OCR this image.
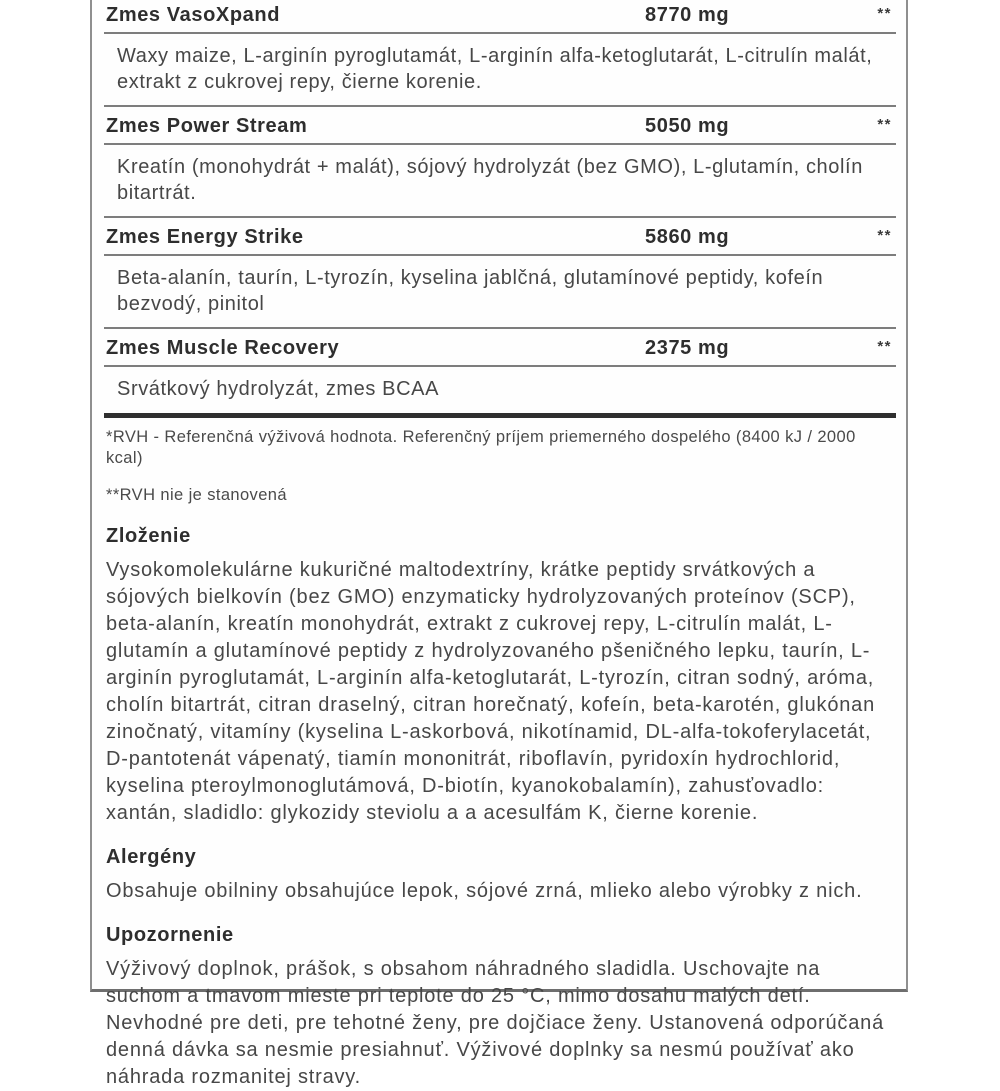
Zmes VasoXpand	8770 mg	**
Waxy maize, L-arginín pyroglutamát, L-arginín alfa-ketoglutarát, L-citrulín malát, extrakt z cukrovej repy, čierne korenie.
Zmes Power Stream	5050 mg	**
Kreatín (monohydrát + malát), sójový hydrolyzát (bez GMO), L-glutamín, cholín bitartrát.
Zmes Energy Strike	5860 mg	**
Beta-alanín, taurín, L-tyrozín, kyselina jablčná, glutamínové peptidy, kofeín bezvodý, pinitol
Zmes Muscle Recovery	2375 mg	**
Srvátkový hydrolyzát, zmes BCAA
*RVH - Referenčná výživová hodnota. Referenčný príjem priemerného dospelého (8400 kJ / 2000 kcal)
**RVH nie je stanovená
Zloženie
Vysokomolekulárne kukuričné maltodextríny, krátke peptidy srvátkových a sójových bielkovín (bez GMO) enzymaticky hydrolyzovaných proteínov (SCP), beta-alanín, kreatín monohydrát, extrakt z cukrovej repy, L-citrulín malát, L-glutamín a glutamínové peptidy z hydrolyzovaného pšeničného lepku, taurín, L-arginín pyroglutamát, L-arginín alfa-ketoglutarát, L-tyrozín, citran sodný, aróma, cholín bitartrát, citran draselný, citran horečnatý, kofeín, beta-karotén, glukónan zinočnatý, vitamíny (kyselina L-askorbová, nikotínamid, DL-alfa-tokoferylacetát, D-pantotenát vápenatý, tiamín mononitrát, riboflavín, pyridoxín hydrochlorid, kyselina pteroylmonoglutámová, D-biotín, kyanokobalamín), zahusťovadlo: xantán, sladidlo: glykozidy steviolu a a acesulfám K, čierne korenie.
Alergény
Obsahuje obilniny obsahujúce lepok, sójové zrná, mlieko alebo výrobky z nich.
Upozornenie
Výživový doplnok, prášok, s obsahom náhradného sladidla. Uschovajte na suchom a tmavom mieste pri teplote do 25 °C, mimo dosahu malých detí. Nevhodné pre deti, pre tehotné ženy, pre dojčiace ženy. Ustanovená odporúčaná denná dávka sa nesmie presiahnuť. Výživové doplnky sa nesmú používať ako náhrada rozmanitej stravy.
